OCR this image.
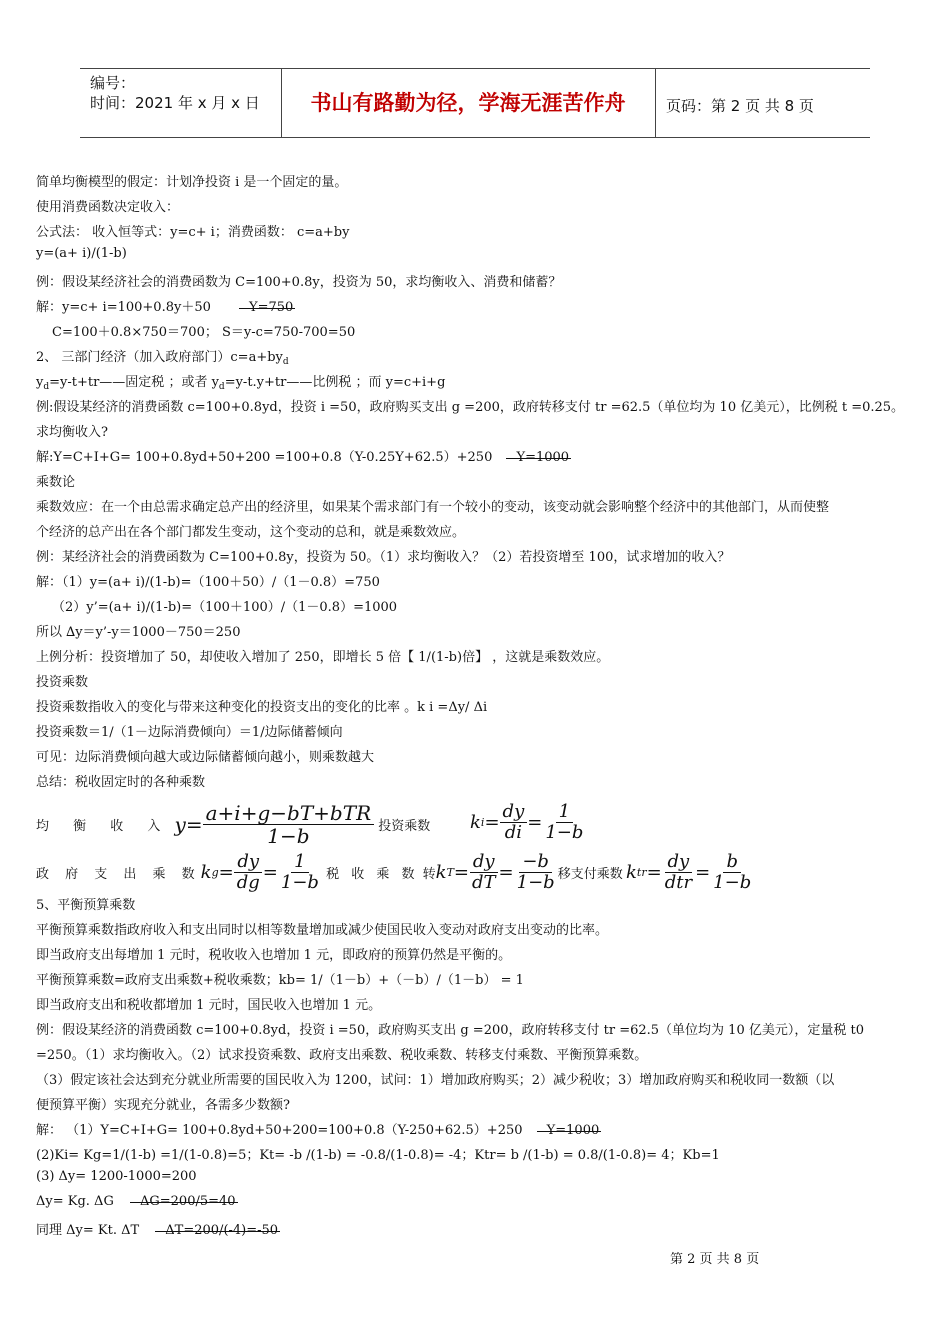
编号：
时间：2021 年 x 月 x 日	书山有路勤为径，学海无涯苦作舟	页码：第 2 页 共 8 页
简单均衡模型的假定：计划净投资 i 是一个固定的量。
使用消费函数决定收入：
公式法： 收入恒等式：y=c+ i；消费函数： c=a+by
y=(a+ i)/(1-b)
例：假设某经济社会的消费函数为 C=100+0.8y，投资为 50，求均衡收入、消费和储蓄？
解：y=c+ i=100+0.8y＋50	Y=750
C=100＋0.8×750＝700； S＝y-c=750-700=50
2、 三部门经济（加入政府部门）$c=a+by_d$
$y_d=y-t+tr——$固定税 ；或者 $y_d=y-t.y+tr——$比例税 ；而 y=c+i+g
例:假设某经济的消费函数 c=100+0.8yd，投资 i =50，政府购买支出 g =200，政府转移支付 tr =62.5（单位均为 10 亿美元），比例税 t =0.25。
求均衡收入?
解:Y=C+I+G= 100+0.8yd+50+200 =100+0.8（Y-0.25Y+62.5）+250 Y=1000
乘数论
乘数效应：在一个由总需求确定总产出的经济里，如果某个需求部门有一个较小的变动，该变动就会影响整个经济中的其他部门，从而使整
个经济的总产出在各个部门都发生变动，这个变动的总和，就是乘数效应。
例：某经济社会的消费函数为 C=100+0.8y，投资为 50。（1）求均衡收入？（2）若投资增至 100，试求增加的收入？
解：（1）y=(a+ i)/(1-b)=（100＋50）/（1－0.8）=750
（2）y’=(a+ i)/(1-b)=（100＋100）/（1－0.8）=1000
所以 ∆y＝y’-y＝1000－750＝250
上例分析：投资增加了 50，却使收入增加了 250，即增长 5 倍【 1/(1-b)倍】 ，这就是乘数效应。
投资乘数
投资乘数指收入的变化与带来这种变化的投资支出的变化的比率 。k i =Δy/ Δi
投资乘数＝1/（1－边际消费倾向）＝1/边际储蓄倾向
可见：边际消费倾向越大或边际储蓄倾向越小，则乘数越大
总结：税收固定时的各种乘数
均 衡 收 入 $y= \frac{\text{a+i+g−bT+bTR}}{1-b}$ 投资乘数 $ki= \frac{dy}{di} = \frac{1}{1-b}$
政 府 支 出 乘 数$kg= \frac{dy}{dg} = \frac{1}{1-b}$ 税 收 乘 数 转$kT= \frac{dy}{dT} = \frac{-b}{1-b}$ 移支付乘数 $ktr= \frac{dy}{\text{dtr}} = \frac{b}{1-b}$
5、平衡预算乘数
平衡预算乘数指政府收入和支出同时以相等数量增加或减少使国民收入变动对政府支出变动的比率。
即当政府支出每增加 1 元时，税收收入也增加 1 元，即政府的预算仍然是平衡的。
平衡预算乘数=政府支出乘数+税收乘数；kb= 1/（1－b）+（－b）/（1－b） = 1
即当政府支出和税收都增加 1 元时，国民收入也增加 1 元。
例：假设某经济的消费函数 c=100+0.8yd，投资 i =50，政府购买支出 g =200，政府转移支付 tr =62.5（单位均为 10 亿美元），定量税 t0
=250。（1）求均衡收入。（2）试求投资乘数、政府支出乘数、税收乘数、转移支付乘数、平衡预算乘数。
（3）假定该社会达到充分就业所需要的国民收入为 1200，试问：1）增加政府购买；2）减少税收；3）增加政府购买和税收同一数额（以
便预算平衡）实现充分就业，各需多少数额?
解： （1）Y=C+I+G= 100+0.8yd+50+200=100+0.8（Y-250+62.5）+250 Y=1000
(2)Ki= Kg=1/(1-b) =1/(1-0.8)=5；Kt= -b /(1-b) = -0.8/(1-0.8)= -4；Ktr= b /(1-b) = 0.8/(1-0.8)= 4；Kb=1
(3) Δy= 1200-1000=200
Δy= Kg. ΔG ΔG=200/5=40
同理 Δy= Kt. ΔT ΔT=200/(-4)=-50
第 2 页 共 8 页
